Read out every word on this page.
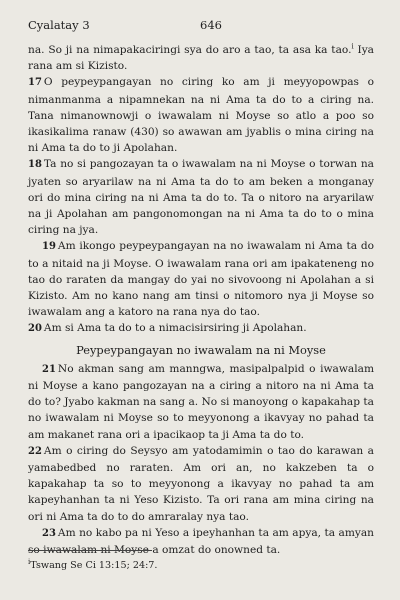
Cyalatay 3	646

na. So ji na nimapakaciringi sya do aro a tao, ta asa ka tao.$^i$ Iya rana am si Kizisto.

17 O peypeypangayan no ciring ko am ji meyyopowpas o nimanmanma a nipamnekan na ni Ama ta do to a ciring na. Tana nimanownowji o iwawalam ni Moyse so atlo a poo so ikasikalima ranaw (430) so awawan am jyablis o mina ciring na ni Ama ta do to ji Apolahan.

18 Ta no si pangozayan ta o iwawalam na ni Moyse o torwan na jyaten so aryarilaw na ni Ama ta do to am beken a monganay ori do mina ciring na ni Ama ta do to. Ta o nitoro na aryarilaw na ji Apolahan am pangonomongan na ni Ama ta do to o mina ciring na jya.

19 Am ikongo peypeypangayan na no iwawalam ni Ama ta do to a nitaid na ji Moyse. O iwawalam rana ori am ipakateneng no tao do raraten da mangay do yai no sivovoong ni Apolahan a si Kizisto. Am no kano nang am tinsi o nitomoro nya ji Moyse so iwawalam ang a katoro na rana nya do tao.

20 Am si Ama ta do to a nimacisirsiring ji Apolahan.

Peypeypangayan no iwawalam na ni Moyse

21 No akman sang am manngwa, masipalpalpid o iwawalam ni Moyse a kano pangozayan na a ciring a nitoro na ni Ama ta do to? Jyabo kakman na sang a. No si manoyong o kapakahap ta no iwawalam ni Moyse so to meyyonong a ikavyay no pahad ta am makanet rana ori a ipacikaop ta ji Ama ta do to.

22 Am o ciring do Seysyo am yatodamimin o tao do karawan a yamabedbed no raraten. Am ori an, no kakzeben ta o kapakahap ta so to meyyonong a ikavyay no pahad ta am kapeyhanhan ta ni Yeso Kizisto. Ta ori rana am mina ciring na ori ni Ama ta do to do amraralay nya tao.

23 Am no kabo pa ni Yeso a ipeyhanhan ta am apya, ta amyan so iwawalam ni Moyse a omzat do onowned ta.

$^i$Tswang Se Ci 13:15; 24:7.
